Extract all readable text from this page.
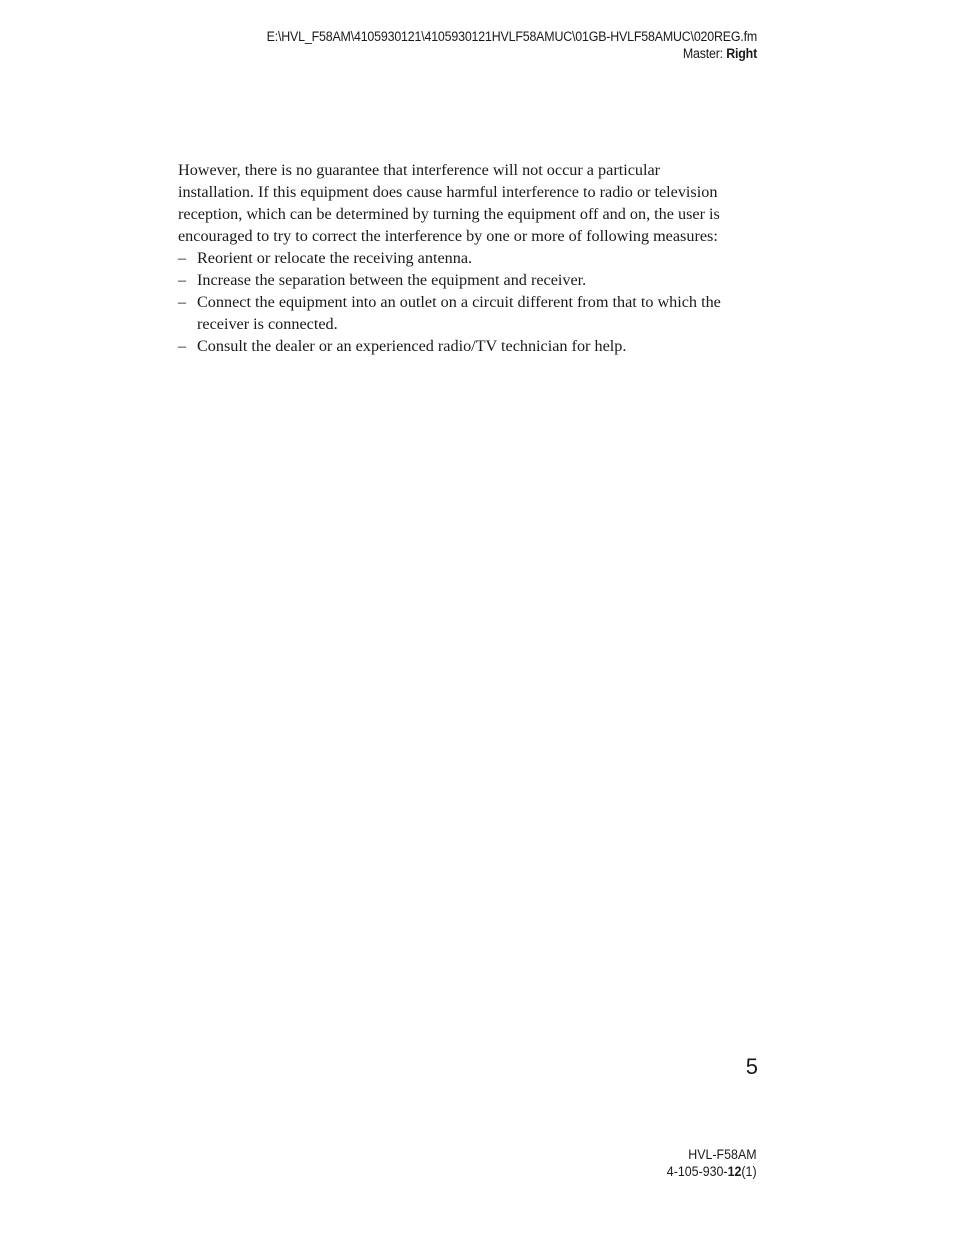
E:\HVL_F58AM\4105930121\4105930121HVLF58AMUC\01GB-HVLF58AMUC\020REG.fm
Master: Right

However, there is no guarantee that interference will not occur a particular

installation. If this equipment does cause harmful interference to radio or television

reception, which can be determined by turning the equipment off and on, the user is

encouraged to try to correct the interference by one or more of following measures:

– Reorient or relocate the receiving antenna.
– Increase the separation between the equipment and receiver.
– Connect the equipment into an outlet on a circuit different from that to which the
receiver is connected.
– Consult the dealer or an experienced radio/TV technician for help.
5
HVL-F58AM
4-105-930-12(1)
